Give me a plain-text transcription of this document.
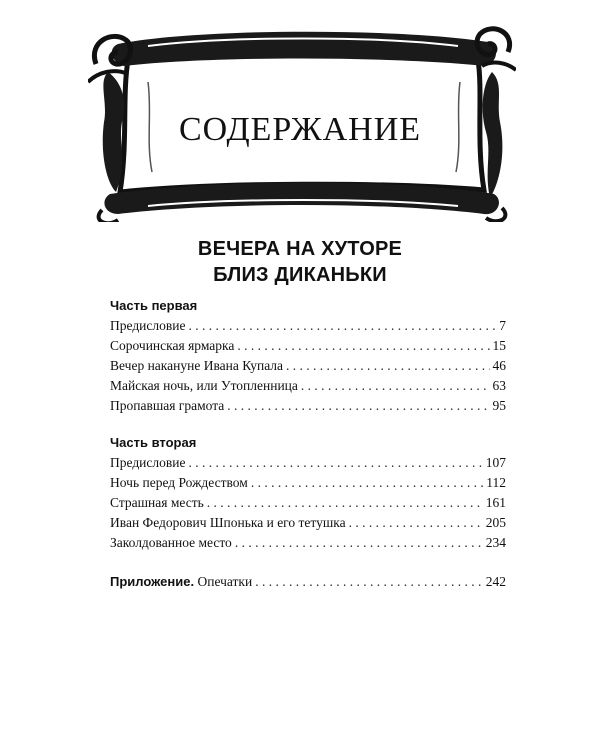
СОДЕРЖАНИЕ
ВЕЧЕРА НА ХУТОРЕ
БЛИЗ ДИКАНЬКИ
Часть первая
Предисловие . . .	7
Сорочинская ярмарка . . .	15
Вечер накануне Ивана Купала . . .	46
Майская ночь, или Утопленница . . .	63
Пропавшая грамота . . .	95
Часть вторая
Предисловие . . .	107
Ночь перед Рождеством . . .	112
Страшная месть . . .	161
Иван Федорович Шпонька и его тетушка . . .	205
Заколдованное место . . .	234
Приложение. Опечатки . . .	242
